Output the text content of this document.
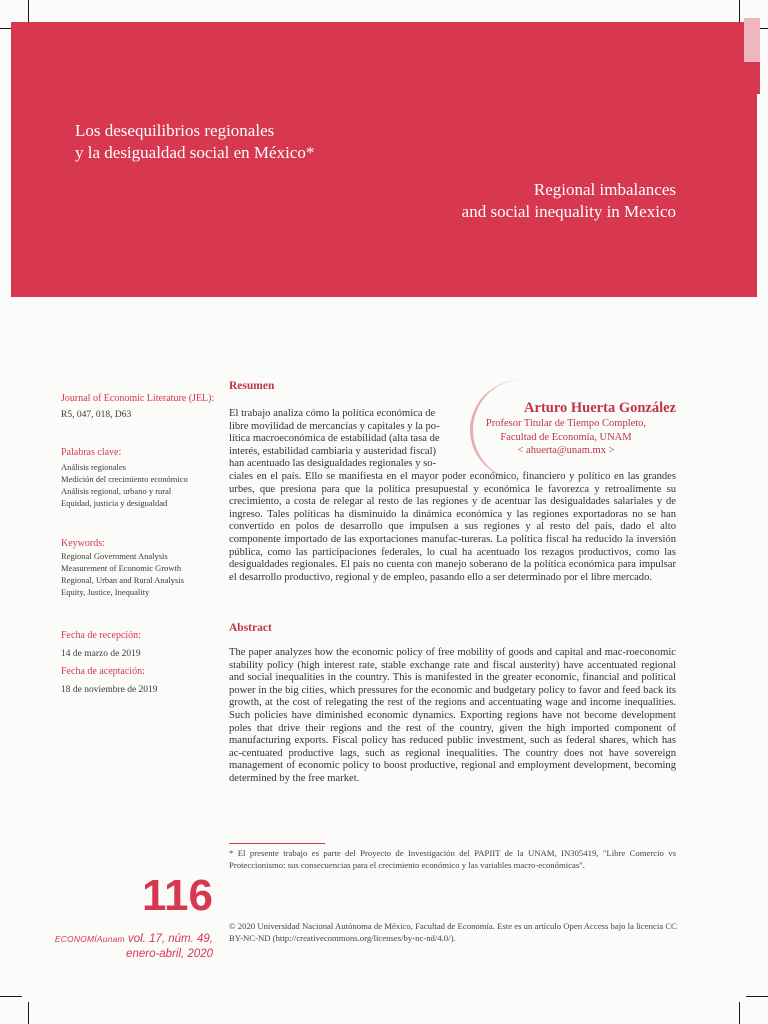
Los desequilibrios regionales
y la desigualdad social en México*
Regional imbalances
and social inequality in Mexico
Journal of Economic Literature (JEL):
R5, 047, 018, D63
Palabras clave:
Análisis regionales
Medición del crecimiento económico
Análisis regional, urbano y rural
Equidad, justicia y desigualdad
Keywords:
Regional Government Analysis
Measurement of Economic Growth
Regional, Urban and Rural Analysis
Equity, Justice, Inequality
Fecha de recepción:
14 de marzo de 2019
Fecha de aceptación:
18 de noviembre de 2019
Arturo Huerta González
Profesor Titular de Tiempo Completo,
Facultad de Economía, UNAM
< ahuerta@unam.mx >
Resumen
El trabajo analiza cómo la política económica de
libre movilidad de mercancías y capitales y la po-
lítica macroeconómica de estabilidad (alta tasa de
interés, estabilidad cambiaria y austeridad fiscal)
han acentuado las desigualdades regionales y so-

ciales en el país. Ello se manifiesta en el mayor poder económico, financiero y político en las grandes urbes, que presiona para que la política presupuestal y económica le favorezca y retroalimente su crecimiento, a costa de relegar al resto de las regiones y de acentuar las desigualdades salariales y de ingreso. Tales políticas ha disminuido la dinámica económica y las regiones exportadoras no se han convertido en polos de desarrollo que impulsen a sus regiones y al resto del país, dado el alto componente importado de las exportaciones manufac-tureras. La política fiscal ha reducido la inversión pública, como las participaciones federales, lo cual ha acentuado los rezagos productivos, como las desigualdades regionales. El país no cuenta con manejo soberano de la política económica para impulsar el desarrollo productivo, regional y de empleo, pasando ello a ser determinado por el libre mercado.

Abstract

The paper analyzes how the economic policy of free mobility of goods and capital and mac-roeconomic stability policy (high interest rate, stable exchange rate and fiscal austerity) have accentuated regional and social inequalities in the country. This is manifested in the greater economic, financial and political power in the big cities, which pressures for the economic and budgetary policy to favor and feed back its growth, at the cost of relegating the rest of the regions and accentuating wage and income inequalities. Such policies have diminished economic dynamics. Exporting regions have not become development poles that drive their regions and the rest of the country, given the high imported component of manufacturing exports. Fiscal policy has reduced public investment, such as federal shares, which has ac-centuated productive lags, such as regional inequalities. The country does not have sovereign management of economic policy to boost productive, regional and employment development, becoming determined by the free market.

* El presente trabajo es parte del Proyecto de Investigación del PAPIIT de la UNAM, IN305419, "Libre Comercio vs Proteccionismo: sus consecuencias para el crecimiento económico y las variables macro-económicas".
116
ECONOMÍAunam vol. 17, núm. 49,
enero-abril, 2020
© 2020 Universidad Nacional Autónoma de México, Facultad de Economía. Este es un artículo Open Access bajo la licencia CC BY-NC-ND (http://creativecommons.org/licenses/by-nc-nd/4.0/).
